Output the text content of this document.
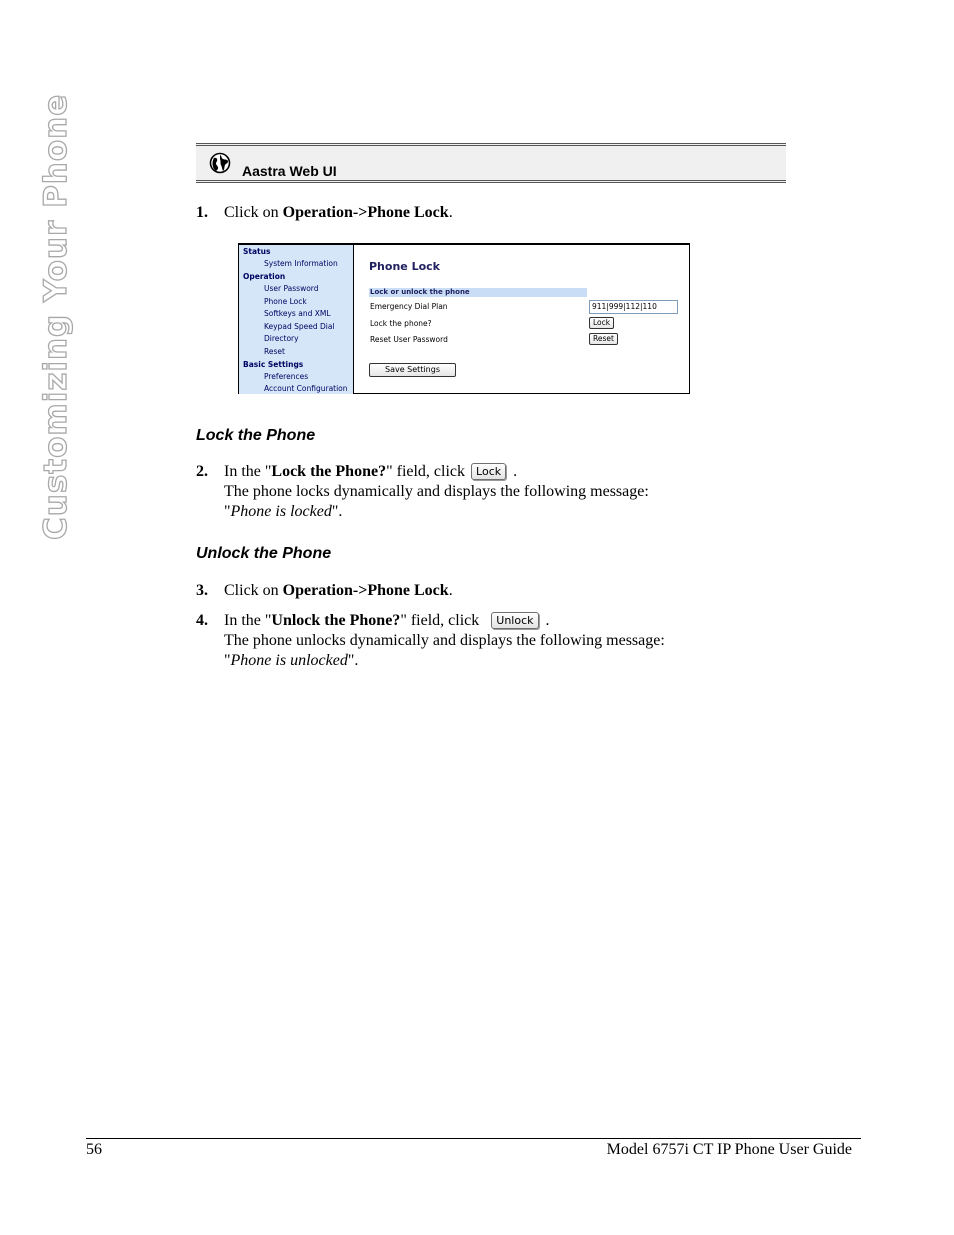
Customizing Your Phone	Aastra Web UI
1. Click on Operation->Phone Lock.
Status
System Information
Operation
User Password
Phone Lock
Softkeys and XML
Keypad Speed Dial
Directory
Reset
Basic Settings
Preferences
Account Configuration
Phone Lock
Lock or unlock the phone
Emergency Dial Plan	911|999|112|110
Lock the phone?	Lock
Reset User Password	Reset
Save Settings
Lock the Phone
2. In the "Lock the Phone?" field, click Lock .
The phone locks dynamically and displays the following message:
"Phone is locked".
Unlock the Phone
3. Click on Operation->Phone Lock.
4. In the "Unlock the Phone?" field, click Unlock .
The phone unlocks dynamically and displays the following message:
"Phone is unlocked".
56	Model 6757i CT IP Phone User Guide
